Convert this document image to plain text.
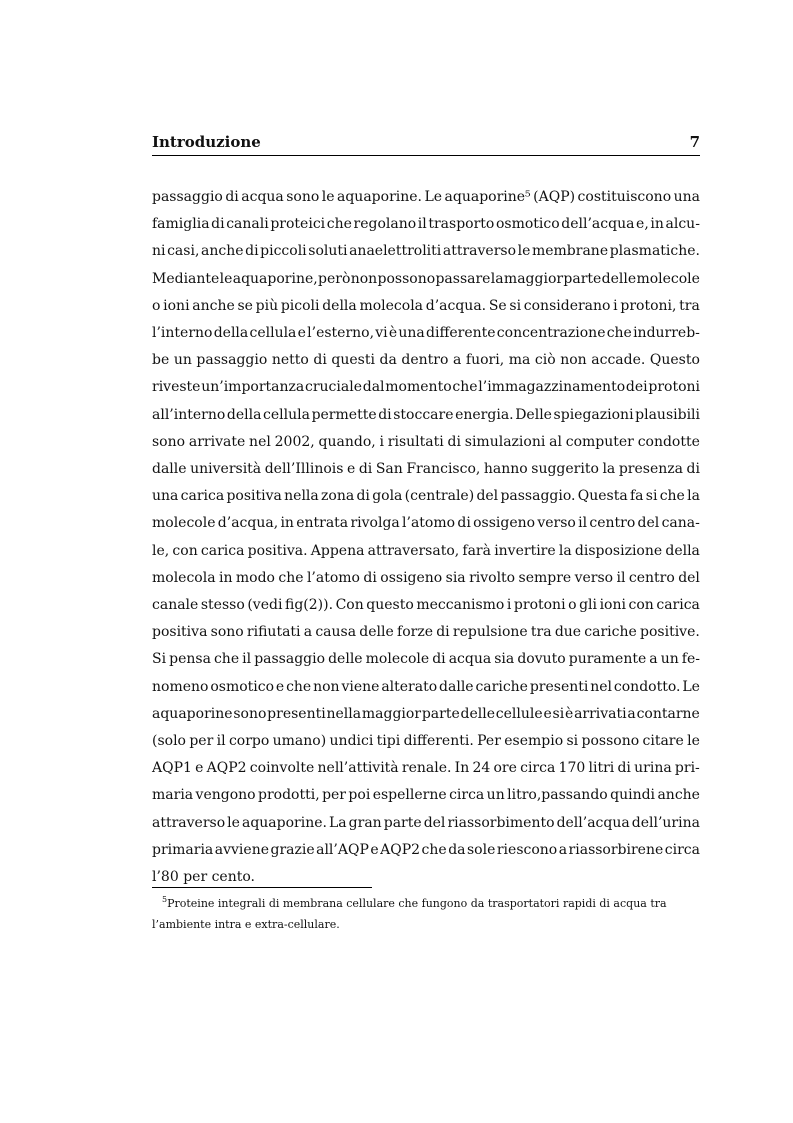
Introduzione	7
passaggio di acqua sono le aquaporine. Le aquaporine⁵ (AQP) costituiscono una
famiglia di canali proteici che regolano il trasporto osmotico dell’acqua e, in alcu-
ni casi, anche di piccoli soluti anaelettroliti attraverso le membrane plasmatiche.
Mediante le aquaporine, però non possono passare la maggior parte delle molecole
o ioni anche se più picoli della molecola d’acqua. Se si considerano i protoni, tra
l’interno della cellula e l’esterno, vi è una differente concentrazione che indurreb-
be un passaggio netto di questi da dentro a fuori, ma ciò non accade. Questo
riveste un’importanza cruciale dal momento che l’immagazzinamento dei protoni
all’interno della cellula permette di stoccare energia. Delle spiegazioni plausibili
sono arrivate nel 2002, quando, i risultati di simulazioni al computer condotte
dalle università dell’Illinois e di San Francisco, hanno suggerito la presenza di
una carica positiva nella zona di gola (centrale) del passaggio. Questa fa si che la
molecole d’acqua, in entrata rivolga l’atomo di ossigeno verso il centro del cana-
le, con carica positiva. Appena attraversato, farà invertire la disposizione della
molecola in modo che l’atomo di ossigeno sia rivolto sempre verso il centro del
canale stesso (vedi fig(2)). Con questo meccanismo i protoni o gli ioni con carica
positiva sono rifiutati a causa delle forze di repulsione tra due cariche positive.
Si pensa che il passaggio delle molecole di acqua sia dovuto puramente a un fe-
nomeno osmotico e che non viene alterato dalle cariche presenti nel condotto. Le
aquaporine sono presenti nella maggior parte delle cellule e si è arrivati a contarne
(solo per il corpo umano) undici tipi differenti. Per esempio si possono citare le
AQP1 e AQP2 coinvolte nell’attività renale. In 24 ore circa 170 litri di urina pri-
maria vengono prodotti, per poi espellerne circa un litro,passando quindi anche
attraverso le aquaporine. La gran parte del riassorbimento dell’acqua dell’urina
primaria avviene grazie all’AQP e AQP2 che da sole riescono a riassorbirene circa
l’80 per cento.
$^5$Proteine integrali di membrana cellulare che fungono da trasportatori rapidi di acqua tra
l’ambiente intra e extra-cellulare.
